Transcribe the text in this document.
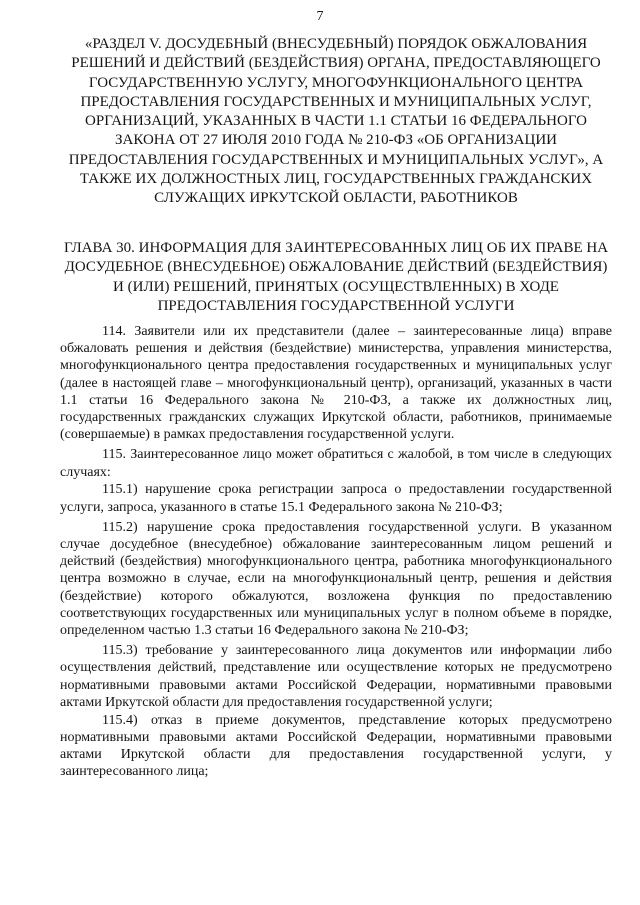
7
«РАЗДЕЛ V. ДОСУДЕБНЫЙ (ВНЕСУДЕБНЫЙ) ПОРЯДОК ОБЖАЛОВАНИЯ РЕШЕНИЙ И ДЕЙСТВИЙ (БЕЗДЕЙСТВИЯ) ОРГАНА, ПРЕДОСТАВЛЯЮЩЕГО ГОСУДАРСТВЕННУЮ УСЛУГУ, МНОГОФУНКЦИОНАЛЬНОГО ЦЕНТРА ПРЕДОСТАВЛЕНИЯ ГОСУДАРСТВЕННЫХ И МУНИЦИПАЛЬНЫХ УСЛУГ, ОРГАНИЗАЦИЙ, УКАЗАННЫХ В ЧАСТИ 1.1 СТАТЬИ 16 ФЕДЕРАЛЬНОГО ЗАКОНА ОТ 27 ИЮЛЯ 2010 ГОДА № 210-ФЗ «ОБ ОРГАНИЗАЦИИ ПРЕДОСТАВЛЕНИЯ ГОСУДАРСТВЕННЫХ И МУНИЦИПАЛЬНЫХ УСЛУГ», А ТАКЖЕ ИХ ДОЛЖНОСТНЫХ ЛИЦ, ГОСУДАРСТВЕННЫХ ГРАЖДАНСКИХ СЛУЖАЩИХ ИРКУТСКОЙ ОБЛАСТИ, РАБОТНИКОВ
ГЛАВА 30. ИНФОРМАЦИЯ ДЛЯ ЗАИНТЕРЕСОВАННЫХ ЛИЦ ОБ ИХ ПРАВЕ НА ДОСУДЕБНОЕ (ВНЕСУДЕБНОЕ) ОБЖАЛОВАНИЕ ДЕЙСТВИЙ (БЕЗДЕЙСТВИЯ) И (ИЛИ) РЕШЕНИЙ, ПРИНЯТЫХ (ОСУЩЕСТВЛЕННЫХ) В ХОДЕ ПРЕДОСТАВЛЕНИЯ ГОСУДАРСТВЕННОЙ УСЛУГИ

114. Заявители или их представители (далее – заинтересованные лица) вправе обжаловать решения и действия (бездействие) министерства, управления министерства, многофункционального центра предоставления государственных и муниципальных услуг (далее в настоящей главе – многофункциональный центр), организаций, указанных в части 1.1 статьи 16 Федерального закона № 210-ФЗ, а также их должностных лиц, государственных гражданских служащих Иркутской области, работников, принимаемые (совершаемые) в рамках предоставления государственной услуги.

115. Заинтересованное лицо может обратиться с жалобой, в том числе в следующих случаях:

115.1) нарушение срока регистрации запроса о предоставлении государственной услуги, запроса, указанного в статье 15.1 Федерального закона № 210-ФЗ;

115.2) нарушение срока предоставления государственной услуги. В указанном случае досудебное (внесудебное) обжалование заинтересованным лицом решений и действий (бездействия) многофункционального центра, работника многофункционального центра возможно в случае, если на многофункциональный центр, решения и действия (бездействие) которого обжалуются, возложена функция по предоставлению соответствующих государственных или муниципальных услуг в полном объеме в порядке, определенном частью 1.3 статьи 16 Федерального закона № 210-ФЗ;

115.3) требование у заинтересованного лица документов или информации либо осуществления действий, представление или осуществление которых не предусмотрено нормативными правовыми актами Российской Федерации, нормативными правовыми актами Иркутской области для предоставления государственной услуги;

115.4) отказ в приеме документов, представление которых предусмотрено нормативными правовыми актами Российской Федерации, нормативными правовыми актами Иркутской области для предоставления государственной услуги, у заинтересованного лица;
